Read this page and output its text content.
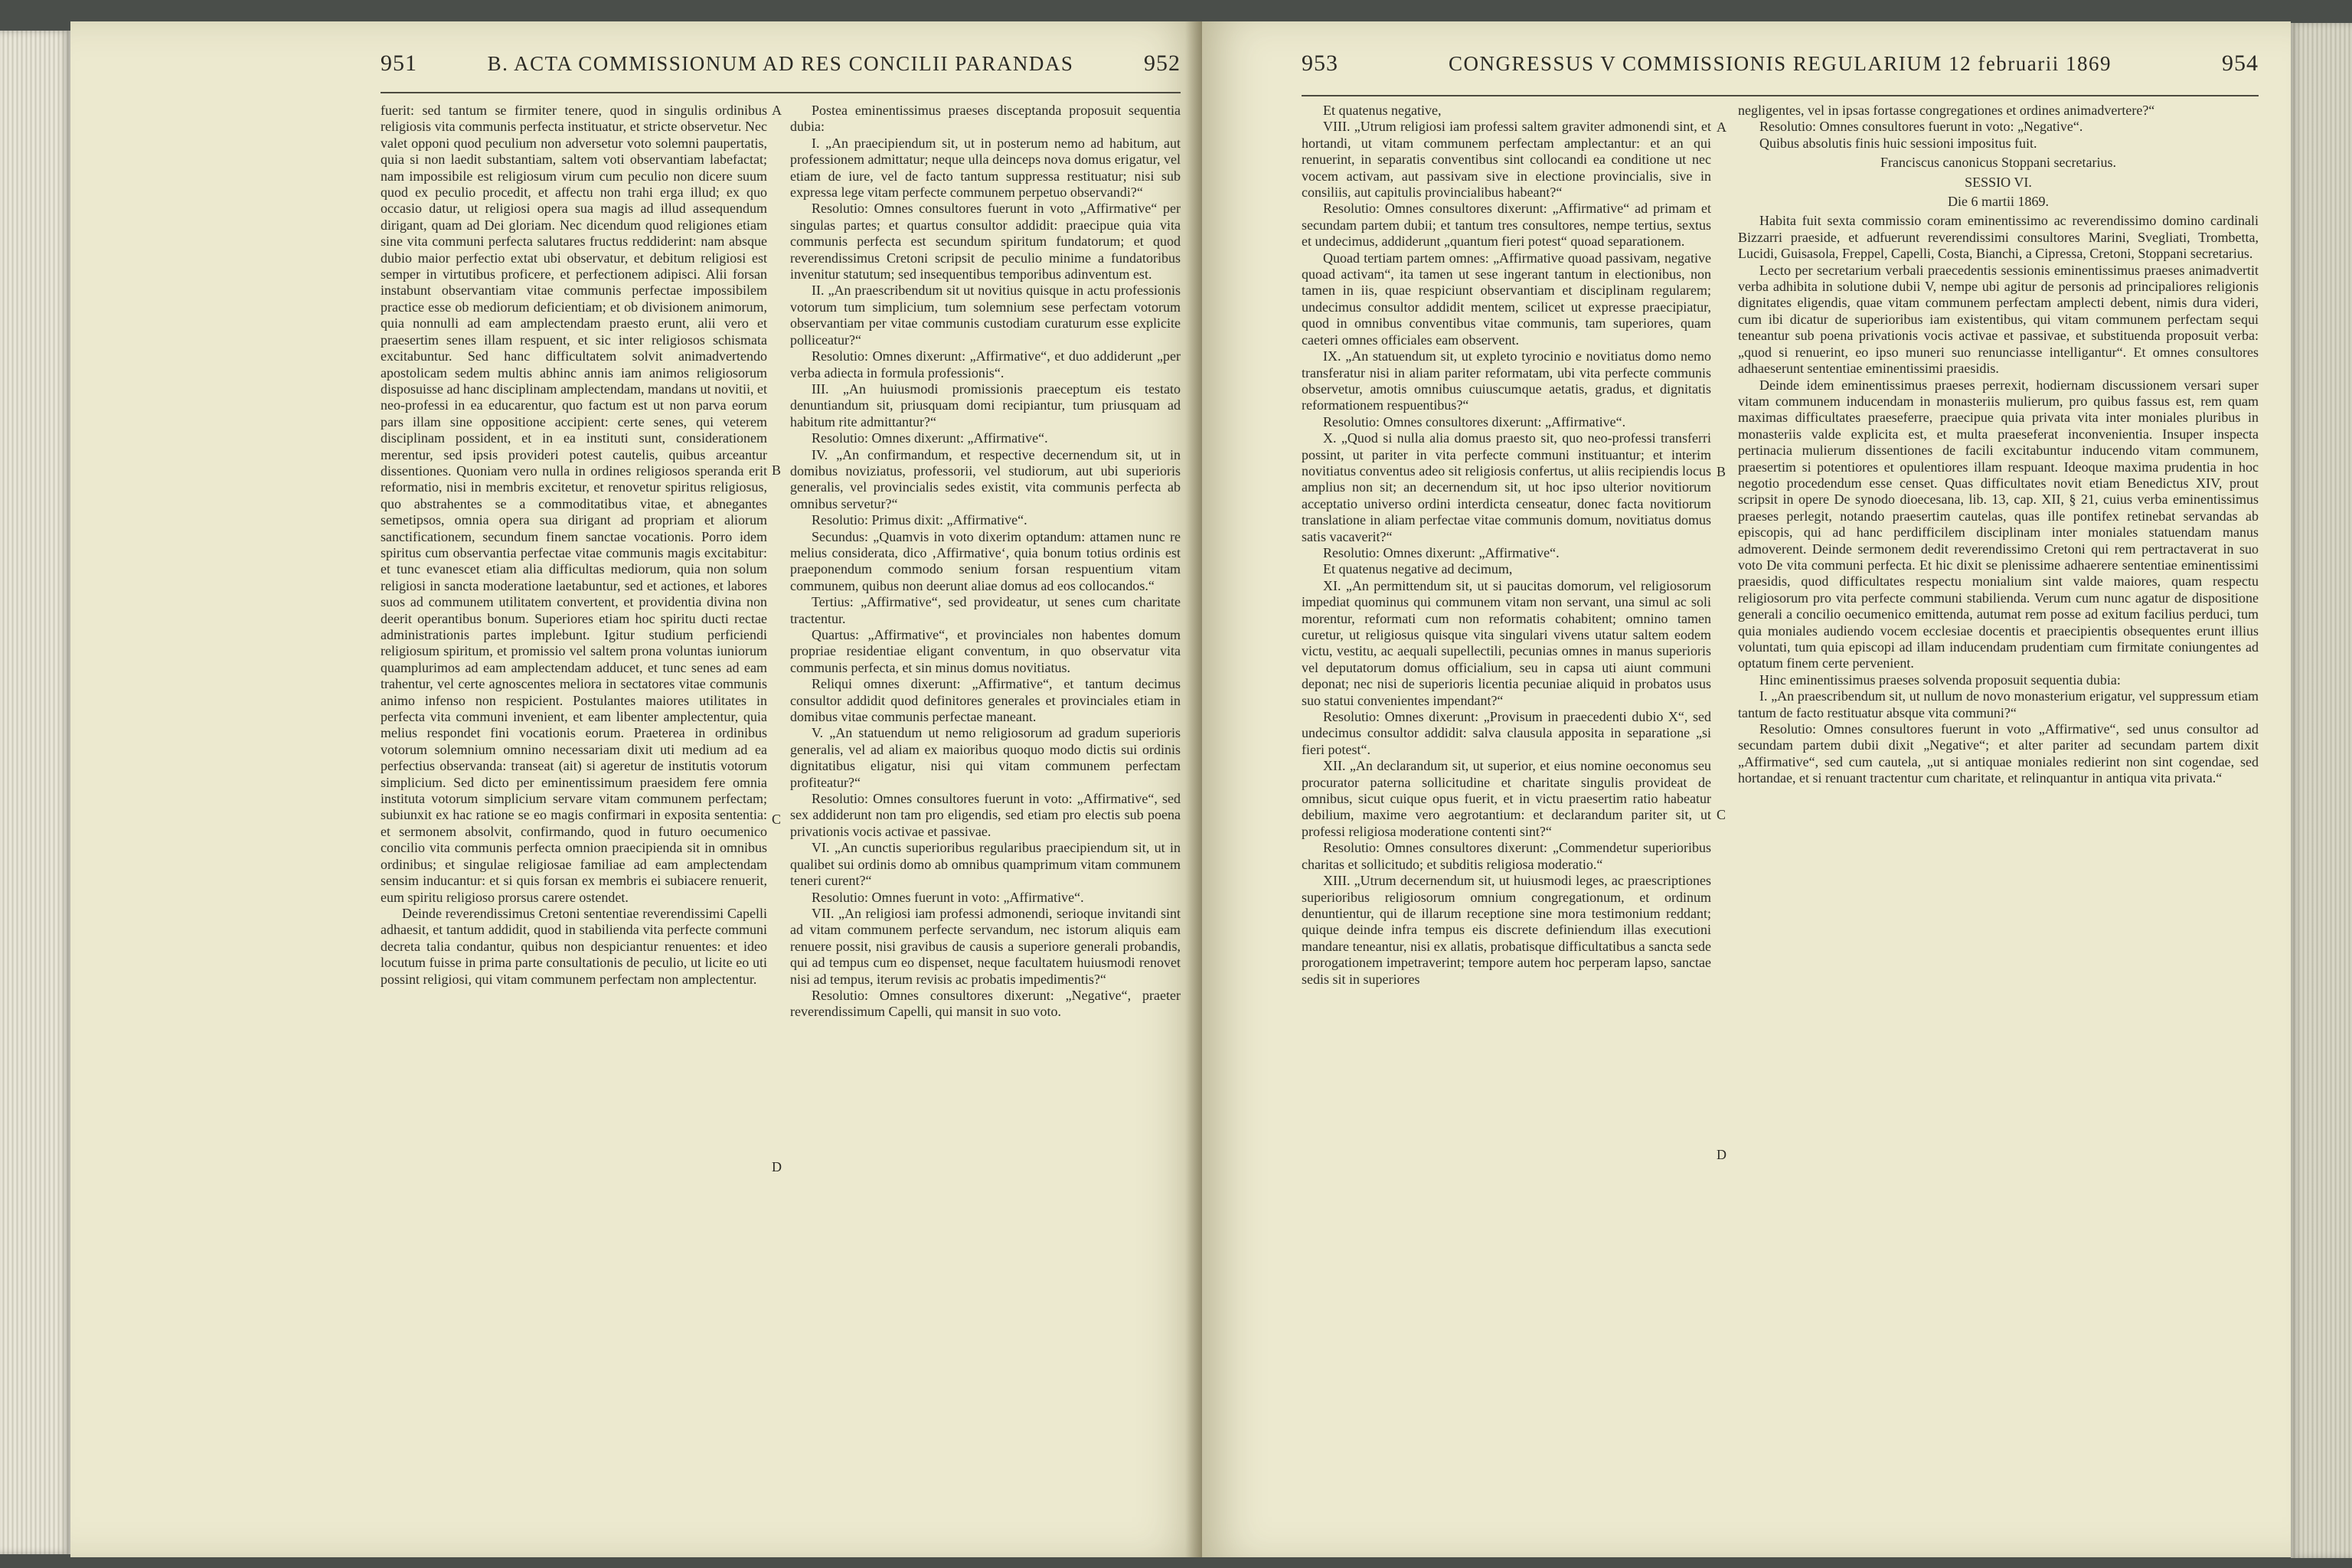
951	B. ACTA COMMISSIONUM AD RES CONCILII PARANDAS	952

fuerit: sed tantum se firmiter tenere, quod in singulis ordinibus religiosis vita communis perfecta instituatur, et stricte observetur. Nec valet opponi quod peculium non adversetur voto solemni paupertatis, quia si non laedit substantiam, saltem voti observantiam labefactat; nam impossibile est religiosum virum cum peculio non dicere suum quod ex peculio procedit, et affectu non trahi erga illud; ex quo occasio datur, ut religiosi opera sua magis ad illud assequendum dirigant, quam ad Dei gloriam. Nec dicendum quod religiones etiam sine vita communi perfecta salutares fructus reddiderint: nam absque dubio maior perfectio extat ubi observatur, et debitum religiosi est semper in virtutibus proficere, et perfectionem adipisci. Alii forsan instabunt observantiam vitae communis perfectae impossibilem practice esse ob mediorum deficientiam; et ob divisionem animorum, quia nonnulli ad eam amplectendam praesto erunt, alii vero et praesertim senes illam respuent, et sic inter religiosos schismata excitabuntur. Sed hanc difficultatem solvit animadvertendo apostolicam sedem multis abhinc annis iam animos religiosorum disposuisse ad hanc disciplinam amplectendam, mandans ut novitii, et neo-professi in ea educarentur, quo factum est ut non parva eorum pars illam sine oppositione accipient: certe senes, qui veterem disciplinam possident, et in ea instituti sunt, considerationem merentur, sed ipsis provideri potest cautelis, quibus arceantur dissentiones. Quoniam vero nulla in ordines religiosos speranda erit reformatio, nisi in membris excitetur, et renovetur spiritus religiosus, quo abstrahentes se a commoditatibus vitae, et abnegantes semetipsos, omnia opera sua dirigant ad propriam et aliorum sanctificationem, secundum finem sanctae vocationis. Porro idem spiritus cum observantia perfectae vitae communis magis excitabitur: et tunc evanescet etiam alia difficultas mediorum, quia non solum religiosi in sancta moderatione laetabuntur, sed et actiones, et labores suos ad communem utilitatem convertent, et providentia divina non deerit operantibus bonum. Superiores etiam hoc spiritu ducti rectae administrationis partes implebunt. Igitur studium perficiendi religiosum spiritum, et promissio vel saltem prona voluntas iuniorum quamplurimos ad eam amplectendam adducet, et tunc senes ad eam trahentur, vel certe agnoscentes meliora in sectatores vitae communis animo infenso non respicient. Postulantes maiores utilitates in perfecta vita communi invenient, et eam libenter amplectentur, quia melius respondet fini vocationis eorum. Praeterea in ordinibus votorum solemnium omnino necessariam dixit uti medium ad ea perfectius observanda: transeat (ait) si ageretur de institutis votorum simplicium. Sed dicto per eminentissimum praesidem fere omnia instituta votorum simplicium servare vitam communem perfectam; subiunxit ex hac ratione se eo magis confirmari in exposita sententia: et sermonem absolvit, confirmando, quod in futuro oecumenico concilio vita communis perfecta omnion praecipienda sit in omnibus ordinibus; et singulae religiosae familiae ad eam amplectendam sensim inducantur: et si quis forsan ex membris ei subiacere renuerit, eum spiritu religioso prorsus carere ostendet.

Deinde reverendissimus Cretoni sententiae reverendissimi Capelli adhaesit, et tantum addidit, quod in stabilienda vita perfecte communi decreta talia condantur, quibus non despiciantur renuentes: et ideo locutum fuisse in prima parte consultationis de peculio, ut licite eo uti possint religiosi, qui vitam communem perfectam non amplectentur.

A
B
C
D

Postea eminentissimus praeses disceptanda proposuit sequentia dubia:

I. „An praecipiendum sit, ut in posterum nemo ad habitum, aut professionem admittatur; neque ulla deinceps nova domus erigatur, vel etiam de iure, vel de facto tantum suppressa restituatur; nisi sub expressa lege vitam perfecte communem perpetuo observandi?“

Resolutio: Omnes consultores fuerunt in voto „Affirmative“ per singulas partes; et quartus consultor addidit: praecipue quia vita communis perfecta est secundum spiritum fundatorum; et quod reverendissimus Cretoni scripsit de peculio minime a fundatoribus invenitur statutum; sed insequentibus temporibus adinventum est.

II. „An praescribendum sit ut novitius quisque in actu professionis votorum tum simplicium, tum solemnium sese perfectam votorum observantiam per vitae communis custodiam curaturum esse explicite polliceatur?“

Resolutio: Omnes dixerunt: „Affirmative“, et duo addiderunt „per verba adiecta in formula professionis“.

III. „An huiusmodi promissionis praeceptum eis testato denuntiandum sit, priusquam domi recipiantur, tum priusquam ad habitum rite admittantur?“

Resolutio: Omnes dixerunt: „Affirmative“.

IV. „An confirmandum, et respective decernendum sit, ut in domibus noviziatus, professorii, vel studiorum, aut ubi superioris generalis, vel provincialis sedes existit, vita communis perfecta ab omnibus servetur?“

Resolutio: Primus dixit: „Affirmative“.

Secundus: „Quamvis in voto dixerim optandum: attamen nunc re melius considerata, dico ‚Affirmative‘, quia bonum totius ordinis est praeponendum commodo senium forsan respuentium vitam communem, quibus non deerunt aliae domus ad eos collocandos.“

Tertius: „Affirmative“, sed provideatur, ut senes cum charitate tractentur.

Quartus: „Affirmative“, et provinciales non habentes domum propriae residentiae eligant conventum, in quo observatur vita communis perfecta, et sin minus domus novitiatus.

Reliqui omnes dixerunt: „Affirmative“, et tantum decimus consultor addidit quod definitores generales et provinciales etiam in domibus vitae communis perfectae maneant.

V. „An statuendum ut nemo religiosorum ad gradum superioris generalis, vel ad aliam ex maioribus quoquo modo dictis sui ordinis dignitatibus eligatur, nisi qui vitam communem perfectam profiteatur?“

Resolutio: Omnes consultores fuerunt in voto: „Affirmative“, sed sex addiderunt non tam pro eligendis, sed etiam pro electis sub poena privationis vocis activae et passivae.

VI. „An cunctis superioribus regularibus praecipiendum sit, ut in qualibet sui ordinis domo ab omnibus quamprimum vitam communem teneri curent?“

Resolutio: Omnes fuerunt in voto: „Affirmative“.

VII. „An religiosi iam professi admonendi, serioque invitandi sint ad vitam communem perfecte servandum, nec istorum aliquis eam renuere possit, nisi gravibus de causis a superiore generali probandis, qui ad tempus cum eo dispenset, neque facultatem huiusmodi renovet nisi ad tempus, iterum revisis ac probatis impedimentis?“

Resolutio: Omnes consultores dixerunt: „Negative“, praeter reverendissimum Capelli, qui mansit in suo voto.

953	CONGRESSUS V COMMISSIONIS REGULARIUM 12 februarii 1869	954

Et quatenus negative,

VIII. „Utrum religiosi iam professi saltem graviter admonendi sint, et hortandi, ut vitam communem perfectam amplectantur: et an qui renuerint, in separatis conventibus sint collocandi ea conditione ut nec vocem activam, aut passivam sive in electione provincialis, sive in consiliis, aut capitulis provincialibus habeant?“

Resolutio: Omnes consultores dixerunt: „Affirmative“ ad primam et secundam partem dubii; et tantum tres consultores, nempe tertius, sextus et undecimus, addiderunt „quantum fieri potest“ quoad separationem.

Quoad tertiam partem omnes: „Affirmative quoad passivam, negative quoad activam“, ita tamen ut sese ingerant tantum in electionibus, non tamen in iis, quae respiciunt observantiam et disciplinam regularem; undecimus consultor addidit mentem, scilicet ut expresse praecipiatur, quod in omnibus conventibus vitae communis, tam superiores, quam caeteri omnes officiales eam observent.

IX. „An statuendum sit, ut expleto tyrocinio e novitiatus domo nemo transferatur nisi in aliam pariter reformatam, ubi vita perfecte communis observetur, amotis omnibus cuiuscumque aetatis, gradus, et dignitatis reformationem respuentibus?“

Resolutio: Omnes consultores dixerunt: „Affirmative“.

X. „Quod si nulla alia domus praesto sit, quo neo-professi transferri possint, ut pariter in vita perfecte communi instituantur; et interim novitiatus conventus adeo sit religiosis confertus, ut aliis recipiendis locus amplius non sit; an decernendum sit, ut hoc ipso ulterior novitiorum acceptatio universo ordini interdicta censeatur, donec facta novitiorum translatione in aliam perfectae vitae communis domum, novitiatus domus satis vacaverit?“

Resolutio: Omnes dixerunt: „Affirmative“.

Et quatenus negative ad decimum,

XI. „An permittendum sit, ut si paucitas domorum, vel religiosorum impediat quominus qui communem vitam non servant, una simul ac soli morentur, reformati cum non reformatis cohabitent; omnino tamen curetur, ut religiosus quisque vita singulari vivens utatur saltem eodem victu, vestitu, ac aequali supellectili, pecunias omnes in manus superioris vel deputatorum domus officialium, seu in capsa uti aiunt communi deponat; nec nisi de superioris licentia pecuniae aliquid in probatos usus suo statui convenientes impendant?“

Resolutio: Omnes dixerunt: „Provisum in praecedenti dubio X“, sed undecimus consultor addidit: salva clausula apposita in separatione „si fieri potest“.

XII. „An declarandum sit, ut superior, et eius nomine oeconomus seu procurator paterna sollicitudine et charitate singulis provideat de omnibus, sicut cuique opus fuerit, et in victu praesertim ratio habeatur debilium, maxime vero aegrotantium: et declarandum pariter sit, ut professi religiosa moderatione contenti sint?“

Resolutio: Omnes consultores dixerunt: „Commendetur superioribus charitas et sollicitudo; et subditis religiosa moderatio.“

XIII. „Utrum decernendum sit, ut huiusmodi leges, ac praescriptiones superioribus religiosorum omnium congregationum, et ordinum denuntientur, qui de illarum receptione sine mora testimonium reddant; quique deinde infra tempus eis discrete definiendum illas executioni mandare teneantur, nisi ex allatis, probatisque difficultatibus a sancta sede prorogationem impetraverint; tempore autem hoc perperam lapso, sanctae sedis sit in superiores

A
B
C
D

negligentes, vel in ipsas fortasse congregationes et ordines animadvertere?“

Resolutio: Omnes consultores fuerunt in voto: „Negative“.

Quibus absolutis finis huic sessioni impositus fuit.

Franciscus canonicus Stoppani secretarius.

SESSIO VI.

Die 6 martii 1869.

Habita fuit sexta commissio coram eminentissimo ac reverendissimo domino cardinali Bizzarri praeside, et adfuerunt reverendissimi consultores Marini, Svegliati, Trombetta, Lucidi, Guisasola, Freppel, Capelli, Costa, Bianchi, a Cipressa, Cretoni, Stoppani secretarius.

Lecto per secretarium verbali praecedentis sessionis eminentissimus praeses animadvertit verba adhibita in solutione dubii V, nempe ubi agitur de personis ad principaliores religionis dignitates eligendis, quae vitam communem perfectam amplecti debent, nimis dura videri, cum ibi dicatur de superioribus iam existentibus, qui vitam communem perfectam sequi teneantur sub poena privationis vocis activae et passivae, et substituenda proposuit verba: „quod si renuerint, eo ipso muneri suo renunciasse intelligantur“. Et omnes consultores adhaeserunt sententiae eminentissimi praesidis.

Deinde idem eminentissimus praeses perrexit, hodiernam discussionem versari super vitam communem inducendam in monasteriis mulierum, pro quibus fassus est, rem quam maximas difficultates praeseferre, praecipue quia privata vita inter moniales pluribus in monasteriis valde explicita est, et multa praeseferat inconvenientia. Insuper inspecta pertinacia mulierum dissentiones de facili excitabuntur inducendo vitam communem, praesertim si potentiores et opulentiores illam respuant. Ideoque maxima prudentia in hoc negotio procedendum esse censet. Quas difficultates novit etiam Benedictus XIV, prout scripsit in opere De synodo dioecesana, lib. 13, cap. XII, § 21, cuius verba eminentissimus praeses perlegit, notando praesertim cautelas, quas ille pontifex retinebat servandas ab episcopis, qui ad hanc perdifficilem disciplinam inter moniales statuendam manus admoverent. Deinde sermonem dedit reverendissimo Cretoni qui rem pertractaverat in suo voto De vita communi perfecta. Et hic dixit se plenissime adhaerere sententiae eminentissimi praesidis, quod difficultates respectu monialium sint valde maiores, quam respectu religiosorum pro vita perfecte communi stabilienda. Verum cum nunc agatur de dispositione generali a concilio oecumenico emittenda, autumat rem posse ad exitum facilius perduci, tum quia moniales audiendo vocem ecclesiae docentis et praecipientis obsequentes erunt illius voluntati, tum quia episcopi ad illam inducendam prudentiam cum firmitate coniungentes ad optatum finem certe pervenient.

Hinc eminentissimus praeses solvenda proposuit sequentia dubia:

I. „An praescribendum sit, ut nullum de novo monasterium erigatur, vel suppressum etiam tantum de facto restituatur absque vita communi?“

Resolutio: Omnes consultores fuerunt in voto „Affirmative“, sed unus consultor ad secundam partem dubii dixit „Negative“; et alter pariter ad secundam partem dixit „Affirmative“, sed cum cautela, „ut si antiquae moniales redierint non sint cogendae, sed hortandae, et si renuant tractentur cum charitate, et relinquantur in antiqua vita privata.“
